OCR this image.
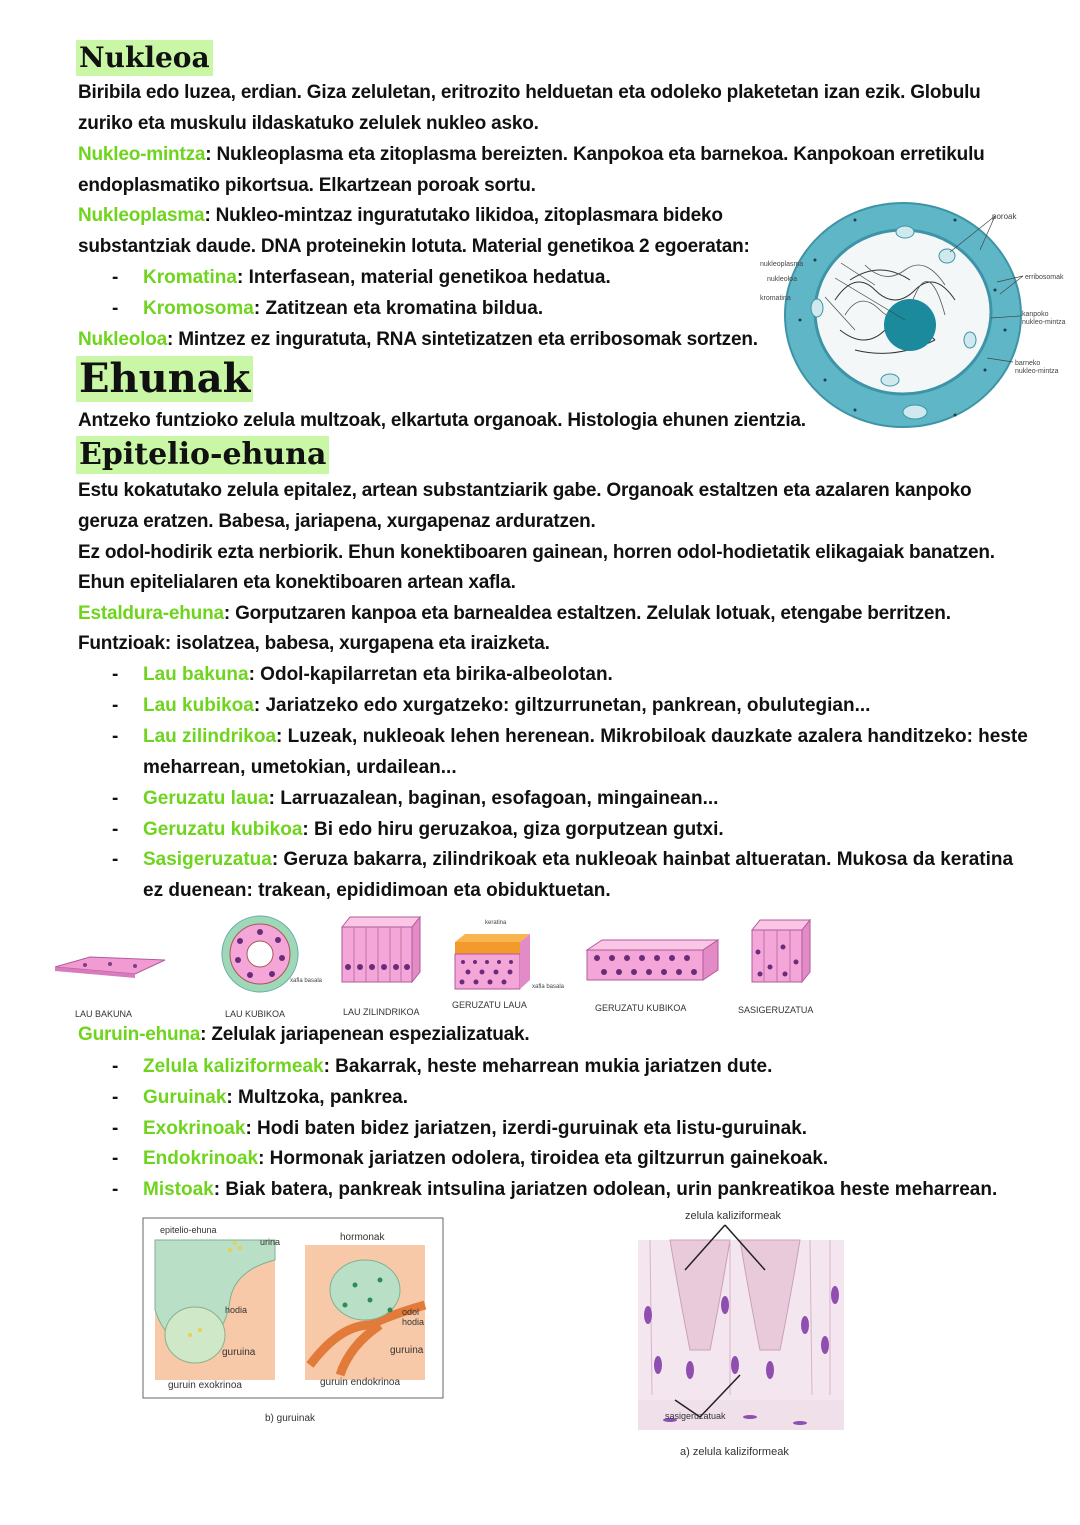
Nukleoa
Biribila edo luzea, erdian. Giza zeluletan, eritrozito helduetan eta odoleko plaketetan izan ezik. Globulu
zuriko eta muskulu ildaskatuko zelulek nukleo asko.
Nukleo-mintza: Nukleoplasma eta zitoplasma bereizten. Kanpokoa eta barnekoa. Kanpokoan erretikulu
endoplasmatiko pikortsua. Elkartzean poroak sortu.
Nukleoplasma: Nukleo-mintzaz inguratutako likidoa, zitoplasmara bideko
substantziak daude. DNA proteinekin lotuta. Material genetikoa 2 egoeratan:
- Kromatina: Interfasean, material genetikoa hedatua.
- Kromosoma: Zatitzean eta kromatina bildua.
Nukleoloa: Mintzez ez inguratuta, RNA sintetizatzen eta erribosomak sortzen.
poroak
nukleoplasma
nukleoloa
kromatina
erribosomak
kanpoko
nukleo-mintza
barneko
nukleo-mintza
Ehunak
Antzeko funtzioko zelula multzoak, elkartuta organoak. Histologia ehunen zientzia.
Epitelio-ehuna
Estu kokatutako zelula epitalez, artean substantziarik gabe. Organoak estaltzen eta azalaren kanpoko
geruza eratzen. Babesa, jariapena, xurgapenaz arduratzen.
Ez odol-hodirik ezta nerbiorik. Ehun konektiboaren gainean, horren odol-hodietatik elikagaiak banatzen.
Ehun epitelialaren eta konektiboaren artean xafla.
Estaldura-ehuna: Gorputzaren kanpoa eta barnealdea estaltzen. Zelulak lotuak, etengabe berritzen.
Funtzioak: isolatzea, babesa, xurgapena eta iraizketa.
- Lau bakuna: Odol-kapilarretan eta birika-albeolotan.
- Lau kubikoa: Jariatzeko edo xurgatzeko: giltzurrunetan, pankrean, obulutegian...
- Lau zilindrikoa: Luzeak, nukleoak lehen herenean. Mikrobiloak dauzkate azalera handitzeko: heste
meharrean, umetokian, urdailean...
- Geruzatu laua: Larruazalean, baginan, esofagoan, mingainean...
- Geruzatu kubikoa: Bi edo hiru geruzakoa, giza gorputzean gutxi.
- Sasigeruzatua: Geruza bakarra, zilindrikoak eta nukleoak hainbat altueratan. Mukosa da keratina
ez duenean: trakean, epididimoan eta obiduktuetan.
xafla basala
keratina
xafla basala
LAU BAKUNA	LAU KUBIKOA	LAU ZILINDRIKOA
GERUZATU LAUA	GERUZATU KUBIKOA	SASIGERUZATUA
Guruin-ehuna: Zelulak jariapenean espezializatuak.
- Zelula kaliziformeak: Bakarrak, heste meharrean mukia jariatzen dute.
- Guruinak: Multzoka, pankrea.
- Exokrinoak: Hodi baten bidez jariatzen, izerdi-guruinak eta listu-guruinak.
- Endokrinoak: Hormonak jariatzen odolera, tiroidea eta giltzurrun gainekoak.
- Mistoak: Biak batera, pankreak intsulina jariatzen odolean, urin pankreatikoa heste meharrean.
epitelio-ehuna
urina
hodia
guruina
guruin exokrinoa
hormonak
odol
hodia
guruina
guruin endokrinoa
b) guruinak
zelula kaliziformeak
sasigeruzatuak
a) zelula kaliziformeak
